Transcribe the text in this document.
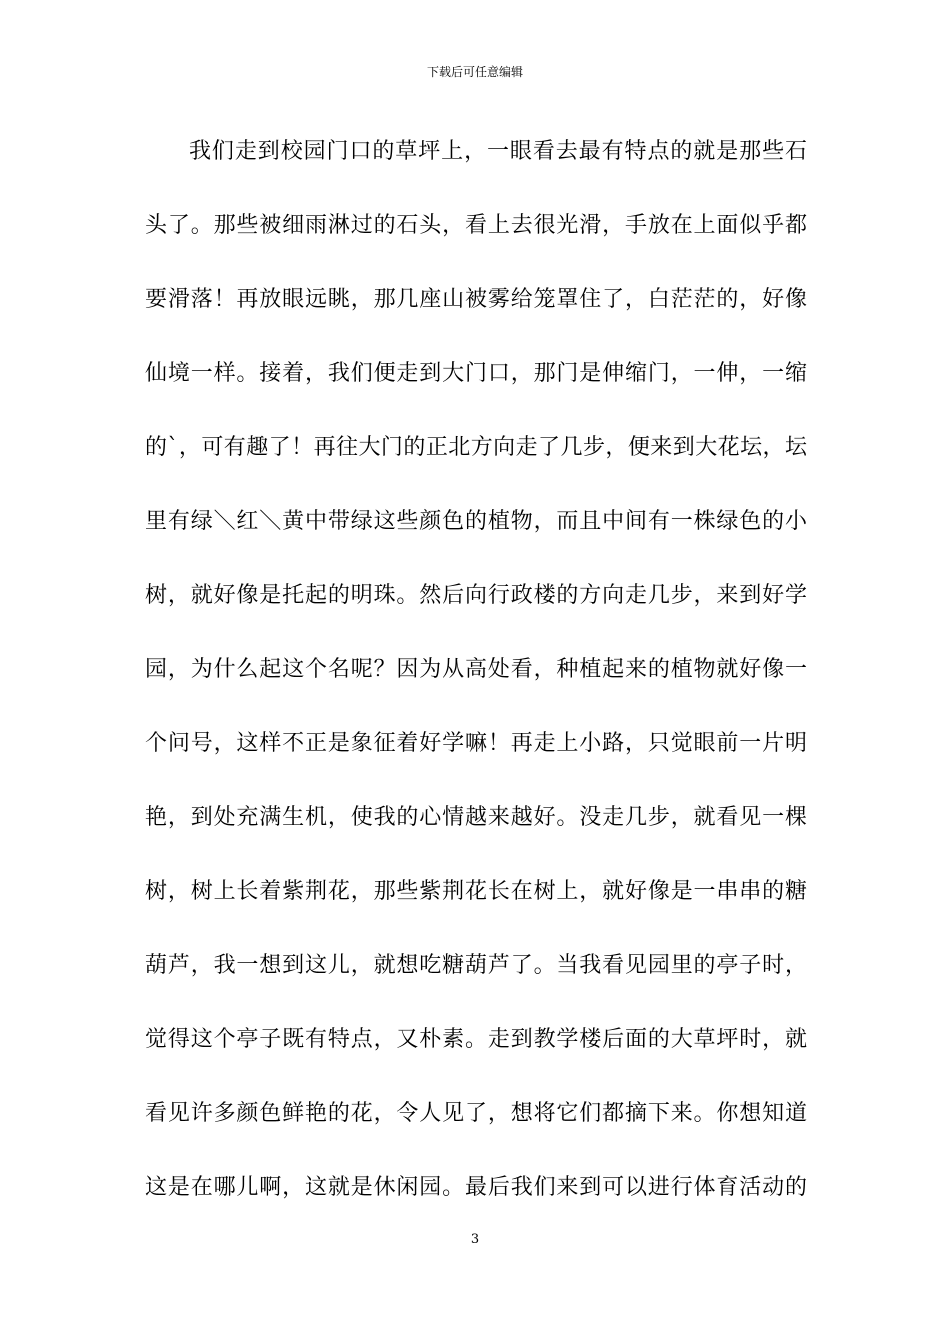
下载后可任意编辑
我们走到校园门口的草坪上，一眼看去最有特点的就是那些石
头了。那些被细雨淋过的石头，看上去很光滑，手放在上面似乎都
要滑落！再放眼远眺，那几座山被雾给笼罩住了，白茫茫的，好像
仙境一样。接着，我们便走到大门口，那门是伸缩门，一伸，一缩
的`，可有趣了！再往大门的正北方向走了几步，便来到大花坛，坛
里有绿＼红＼黄中带绿这些颜色的植物，而且中间有一株绿色的小
树，就好像是托起的明珠。然后向行政楼的方向走几步，来到好学
园，为什么起这个名呢？因为从高处看，种植起来的植物就好像一
个问号，这样不正是象征着好学嘛！再走上小路，只觉眼前一片明
艳，到处充满生机，使我的心情越来越好。没走几步，就看见一棵
树，树上长着紫荆花，那些紫荆花长在树上，就好像是一串串的糖
葫芦，我一想到这儿，就想吃糖葫芦了。当我看见园里的亭子时，
觉得这个亭子既有特点，又朴素。走到教学楼后面的大草坪时，就
看见许多颜色鲜艳的花，令人见了，想将它们都摘下来。你想知道
这是在哪儿啊，这就是休闲园。最后我们来到可以进行体育活动的
3
